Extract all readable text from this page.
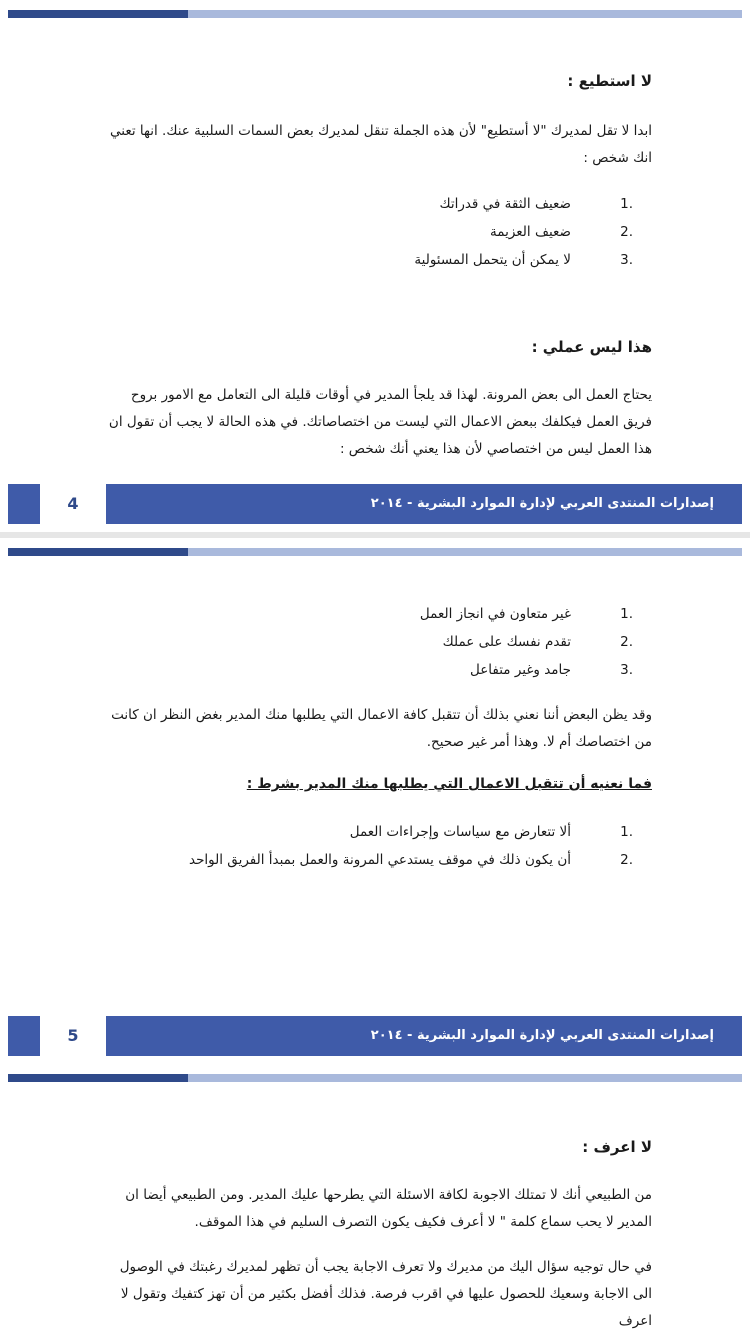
لا استطيع :
ابدا لا تقل لمديرك "لا أستطيع" لأن هذه الجملة تنقل لمديرك بعض السمات السلبية عنك. انها تعني انك شخص :
1.
ضعيف الثقة في قدراتك
2.
ضعيف العزيمة
3.
لا يمكن أن يتحمل المسئولية
هذا ليس عملي :
يحتاج العمل الى بعض المرونة. لهذا قد يلجأ المدير في أوقات قليلة الى التعامل مع الامور بروح فريق العمل فيكلفك ببعض الاعمال التي ليست من اختصاصاتك. في هذه الحالة لا يجب أن تقول ان هذا العمل ليس من اختصاصي لأن هذا يعني أنك شخص :
4	إصدارات المنتدى العربي لإدارة الموارد البشرية - ٢٠١٤
1.
غير متعاون في انجاز العمل
2.
تقدم نفسك على عملك
3.
جامد وغير متفاعل
وقد يظن البعض أننا نعني بذلك أن تتقبل كافة الاعمال التي يطلبها منك المدير بغض النظر ان كانت من اختصاصك أم لا. وهذا أمر غير صحيح.
فما نعنيه أن تتقبل الاعمال التي يطلبها منك المدير بشرط :
1.
ألا تتعارض مع سياسات وإجراءات العمل
2.
أن يكون ذلك في موقف يستدعي المرونة والعمل بمبدأ الفريق الواحد
5	إصدارات المنتدى العربي لإدارة الموارد البشرية - ٢٠١٤
لا اعرف :
من الطبيعي أنك لا تمتلك الاجوبة لكافة الاسئلة التي يطرحها عليك المدير. ومن الطبيعي أيضا ان المدير لا يحب سماع كلمة " لا أعرف فكيف يكون التصرف السليم في هذا الموقف.
في حال توجيه سؤال اليك من مديرك ولا تعرف الاجابة يجب أن تظهر لمديرك رغبتك في الوصول الى الاجابة وسعيك للحصول عليها في اقرب فرصة. فذلك أفضل بكثير من أن تهز كتفيك وتقول لا اعرف
